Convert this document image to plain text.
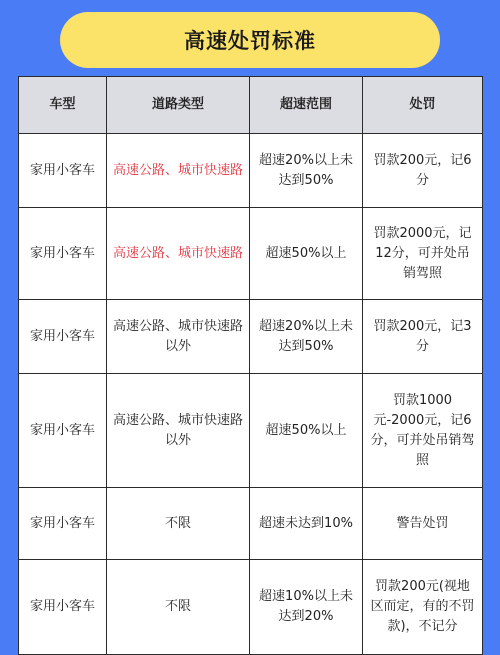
高速处罚标准
车型	道路类型	超速范围	处罚
家用小客车	高速公路、城市快速路	超速20%以上未达到50%	罚款200元，记6分
家用小客车	高速公路、城市快速路	超速50%以上	罚款2000元，记12分，可并处吊销驾照
家用小客车	高速公路、城市快速路以外	超速20%以上未达到50%	罚款200元，记3分
家用小客车	高速公路、城市快速路以外	超速50%以上	罚款1000元-2000元，记6分，可并处吊销驾照
家用小客车	不限	超速未达到10%	警告处罚
家用小客车	不限	超速10%以上未达到20%	罚款200元(视地区而定，有的不罚款)，不记分
